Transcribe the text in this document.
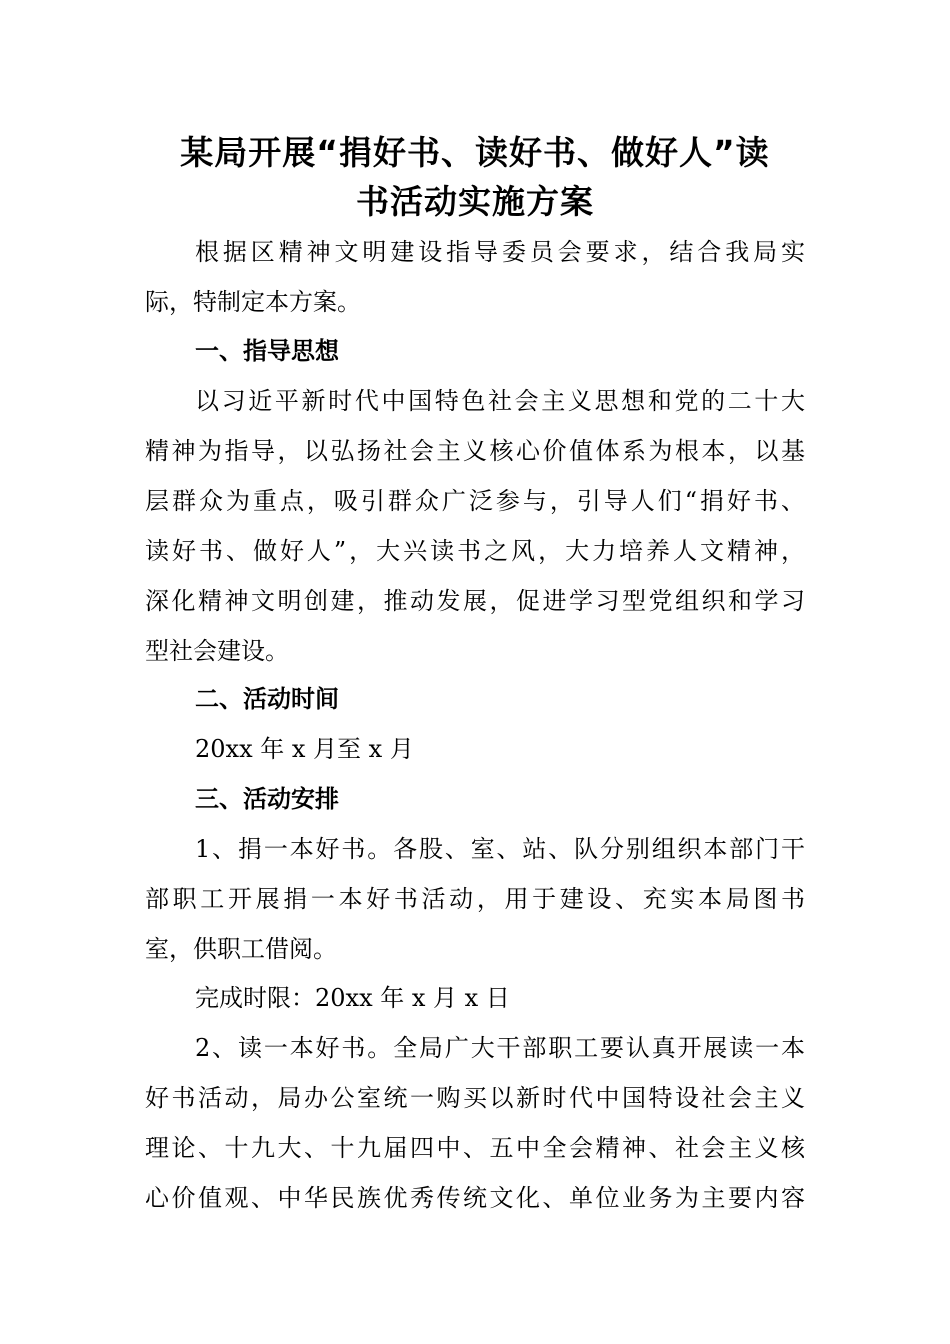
某局开展“捐好书、读好书、做好人”读
书活动实施方案
根据区精神文明建设指导委员会要求，结合我局实
际，特制定本方案。
一、指导思想
以习近平新时代中国特色社会主义思想和党的二十大
精神为指导，以弘扬社会主义核心价值体系为根本，以基
层群众为重点，吸引群众广泛参与，引导人们“捐好书、
读好书、做好人”，大兴读书之风，大力培养人文精神，
深化精神文明创建，推动发展，促进学习型党组织和学习
型社会建设。
二、活动时间
20xx 年 x 月至 x 月
三、活动安排
1、捐一本好书。各股、室、站、队分别组织本部门干
部职工开展捐一本好书活动，用于建设、充实本局图书
室，供职工借阅。
完成时限：20xx 年 x 月 x 日
2、读一本好书。全局广大干部职工要认真开展读一本
好书活动，局办公室统一购买以新时代中国特设社会主义
理论、十九大、十九届四中、五中全会精神、社会主义核
心价值观、中华民族优秀传统文化、单位业务为主要内容
